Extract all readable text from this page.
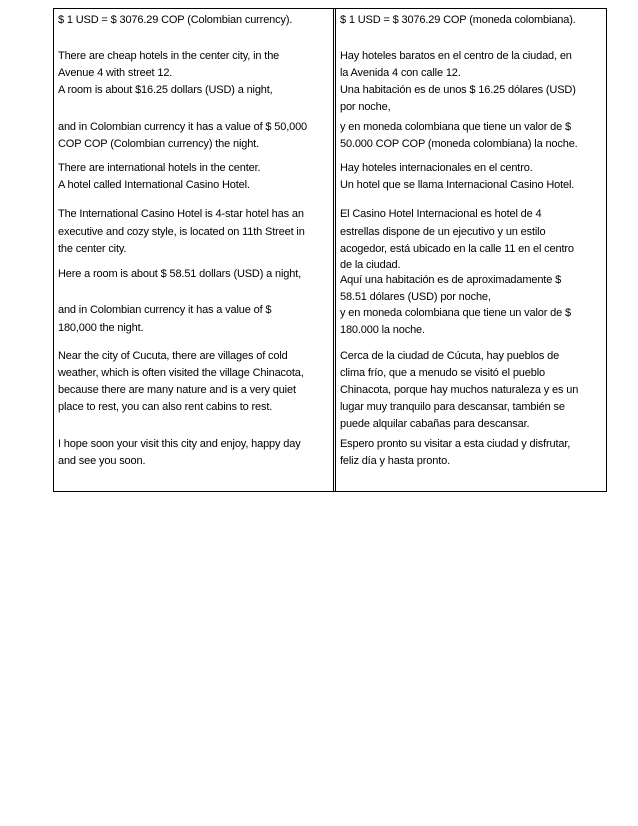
$ 1 USD = $ 3076.29 COP (Colombian currency).
There are cheap hotels in the center city, in the
Avenue 4 with street 12.
A room is about $16.25 dollars (USD) a night,
and in Colombian currency it has a value of $ 50,000
COP COP (Colombian currency) the night.
There are international hotels in the center.
A hotel called International Casino Hotel.
The International Casino Hotel is 4-star hotel has an
executive and cozy style, is located on 11th Street in
the center city.
Here a room is about $ 58.51 dollars (USD) a night,
and in Colombian currency it has a value of $
180,000 the night.
Near the city of Cucuta, there are villages of cold
weather, which is often visited the village Chinacota,
because there are many nature and is a very quiet
place to rest, you can also rent cabins to rest.
I hope soon your visit this city and enjoy, happy day
and see you soon.
$ 1 USD = $ 3076.29 COP (moneda colombiana).
Hay hoteles baratos en el centro de la ciudad, en
la Avenida 4 con calle 12.
Una habitación es de unos $ 16.25 dólares (USD)
por noche,
y en moneda colombiana que tiene un valor de $
50.000 COP COP (moneda colombiana) la noche.
Hay hoteles internacionales en el centro.
Un hotel que se llama Internacional Casino Hotel.
El Casino Hotel Internacional es hotel de 4
estrellas dispone de un ejecutivo y un estilo
acogedor, está ubicado en la calle 11 en el centro
de la ciudad.
Aquí una habitación es de aproximadamente $
58.51 dólares (USD) por noche,
y en moneda colombiana que tiene un valor de $
180.000 la noche.
Cerca de la ciudad de Cúcuta, hay pueblos de
clima frío, que a menudo se visitó el pueblo
Chinacota, porque hay muchos naturaleza y es un
lugar muy tranquilo para descansar, también se
puede alquilar cabañas para descansar.
Espero pronto su visitar a esta ciudad y disfrutar,
feliz día y hasta pronto.
